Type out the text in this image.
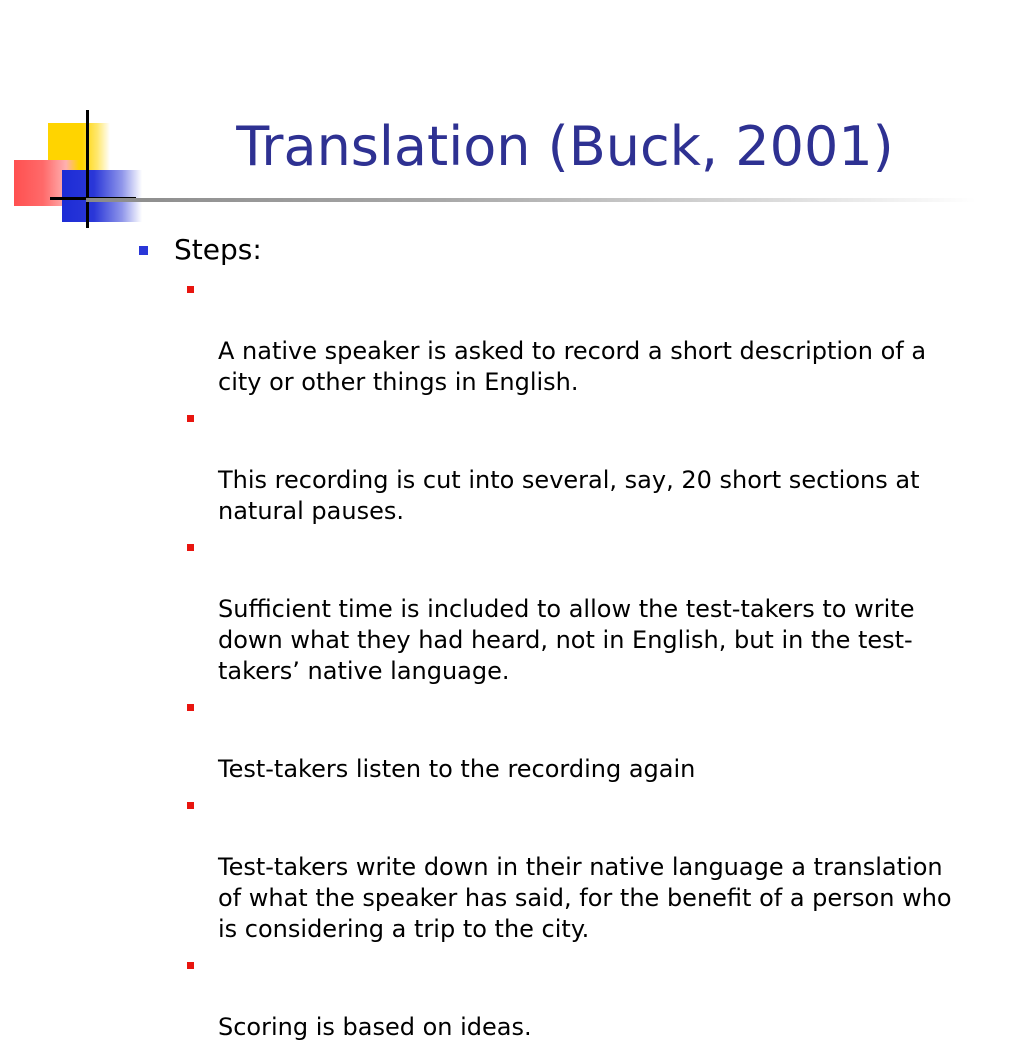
Translation (Buck, 2001)
Steps:

A native speaker is asked to record a short description of a
city or other things in English.

This recording is cut into several, say, 20 short sections at
natural pauses.

Sufficient time is included to allow the test-takers to write
down what they had heard, not in English, but in the test-
takers’ native language.

Test-takers listen to the recording again

Test-takers write down in their native language a translation
of what the speaker has said, for the benefit of a person who
is considering a trip to the city.

Scoring is based on ideas.
